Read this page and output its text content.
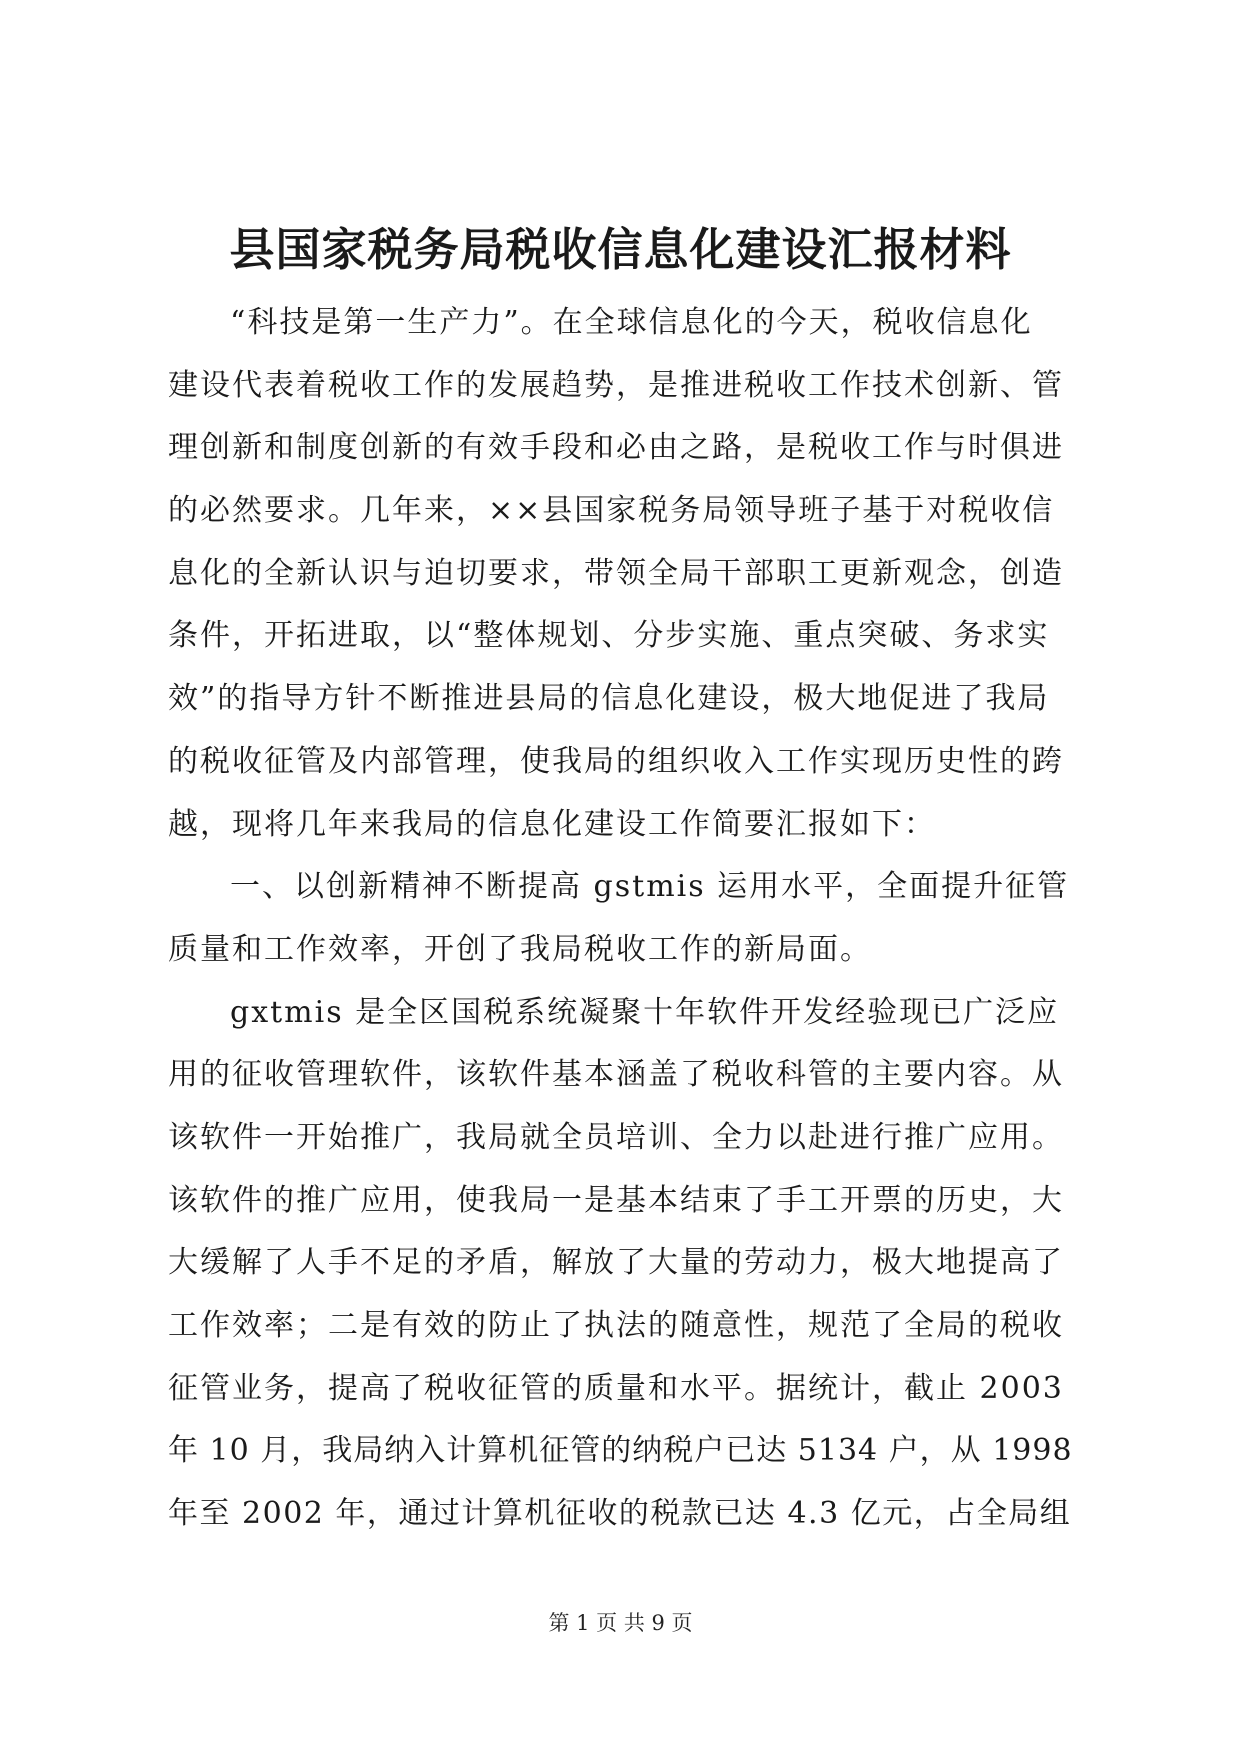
县国家税务局税收信息化建设汇报材料
“科技是第一生产力”。在全球信息化的今天，税收信息化
建设代表着税收工作的发展趋势，是推进税收工作技术创新、管
理创新和制度创新的有效手段和必由之路，是税收工作与时俱进
的必然要求。几年来，××县国家税务局领导班子基于对税收信
息化的全新认识与迫切要求，带领全局干部职工更新观念，创造
条件，开拓进取，以“整体规划、分步实施、重点突破、务求实
效”的指导方针不断推进县局的信息化建设，极大地促进了我局
的税收征管及内部管理，使我局的组织收入工作实现历史性的跨
越，现将几年来我局的信息化建设工作简要汇报如下：
一、以创新精神不断提高 gstmis 运用水平，全面提升征管
质量和工作效率，开创了我局税收工作的新局面。
gxtmis 是全区国税系统凝聚十年软件开发经验现已广泛应
用的征收管理软件，该软件基本涵盖了税收科管的主要内容。从
该软件一开始推广，我局就全员培训、全力以赴进行推广应用。
该软件的推广应用，使我局一是基本结束了手工开票的历史，大
大缓解了人手不足的矛盾，解放了大量的劳动力，极大地提高了
工作效率；二是有效的防止了执法的随意性，规范了全局的税收
征管业务，提高了税收征管的质量和水平。据统计，截止 2003
年 10 月，我局纳入计算机征管的纳税户已达 5134 户，从 1998
年至 2002 年，通过计算机征收的税款已达 4.3 亿元，占全局组
第 1 页 共 9 页
